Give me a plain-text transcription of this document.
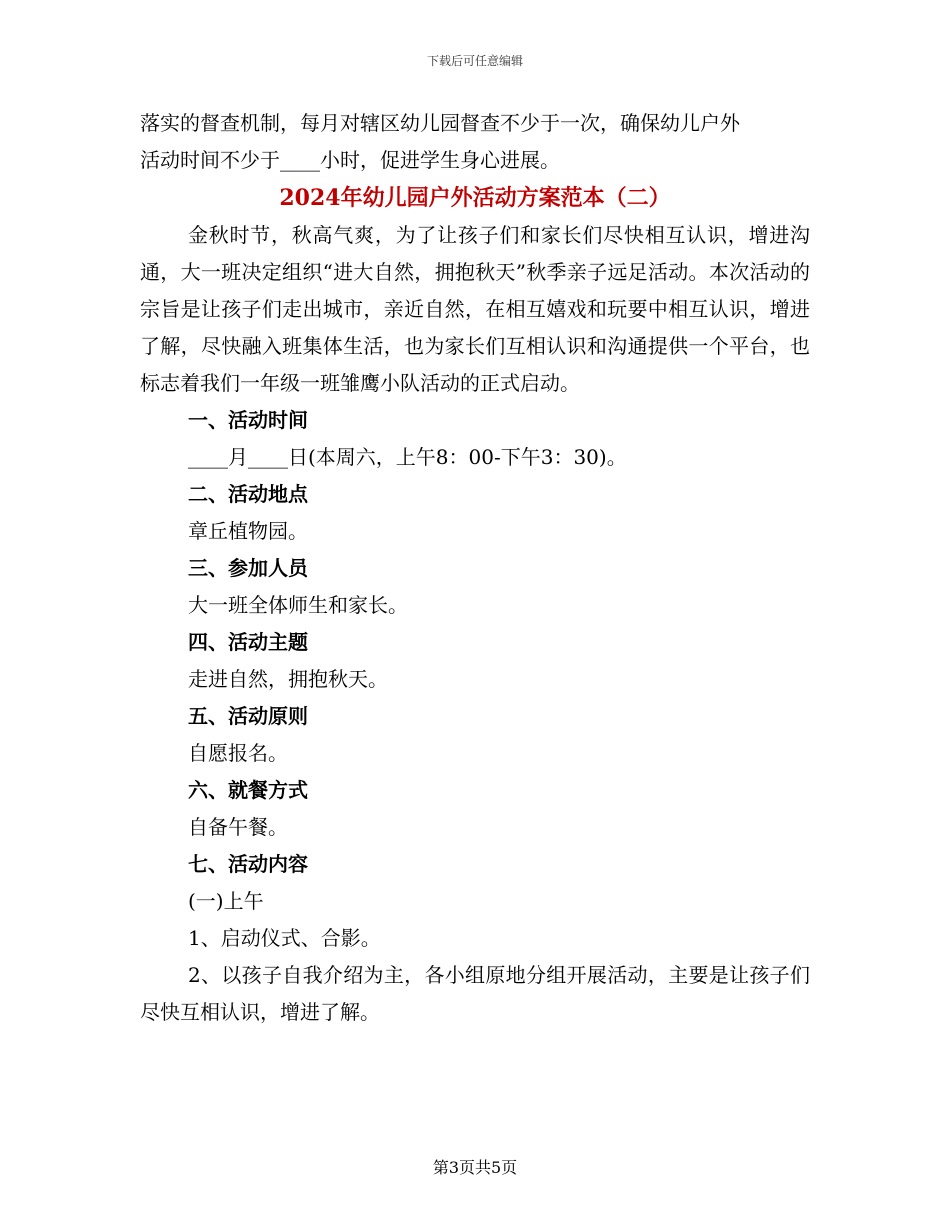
下载后可任意编辑

落实的督查机制，每月对辖区幼儿园督查不少于一次，确保幼儿户外

活动时间不少于____小时，促进学生身心进展。

2024年幼儿园户外活动方案范本（二）

金秋时节，秋高气爽，为了让孩子们和家长们尽快相互认识，增进沟通，大一班决定组织“进大自然，拥抱秋天”秋季亲子远足活动。本次活动的宗旨是让孩子们走出城市，亲近自然，在相互嬉戏和玩要中相互认识，增进了解，尽快融入班集体生活，也为家长们互相认识和沟通提供一个平台，也标志着我们一年级一班雏鹰小队活动的正式启动。

一、活动时间

____月____日(本周六，上午8：00-下午3：30)。

二、活动地点

章丘植物园。

三、参加人员

大一班全体师生和家长。

四、活动主题

走进自然，拥抱秋天。

五、活动原则

自愿报名。

六、就餐方式

自备午餐。

七、活动内容

(一)上午

1、启动仪式、合影。

2、以孩子自我介绍为主，各小组原地分组开展活动，主要是让孩子们尽快互相认识，增进了解。

第3页共5页
